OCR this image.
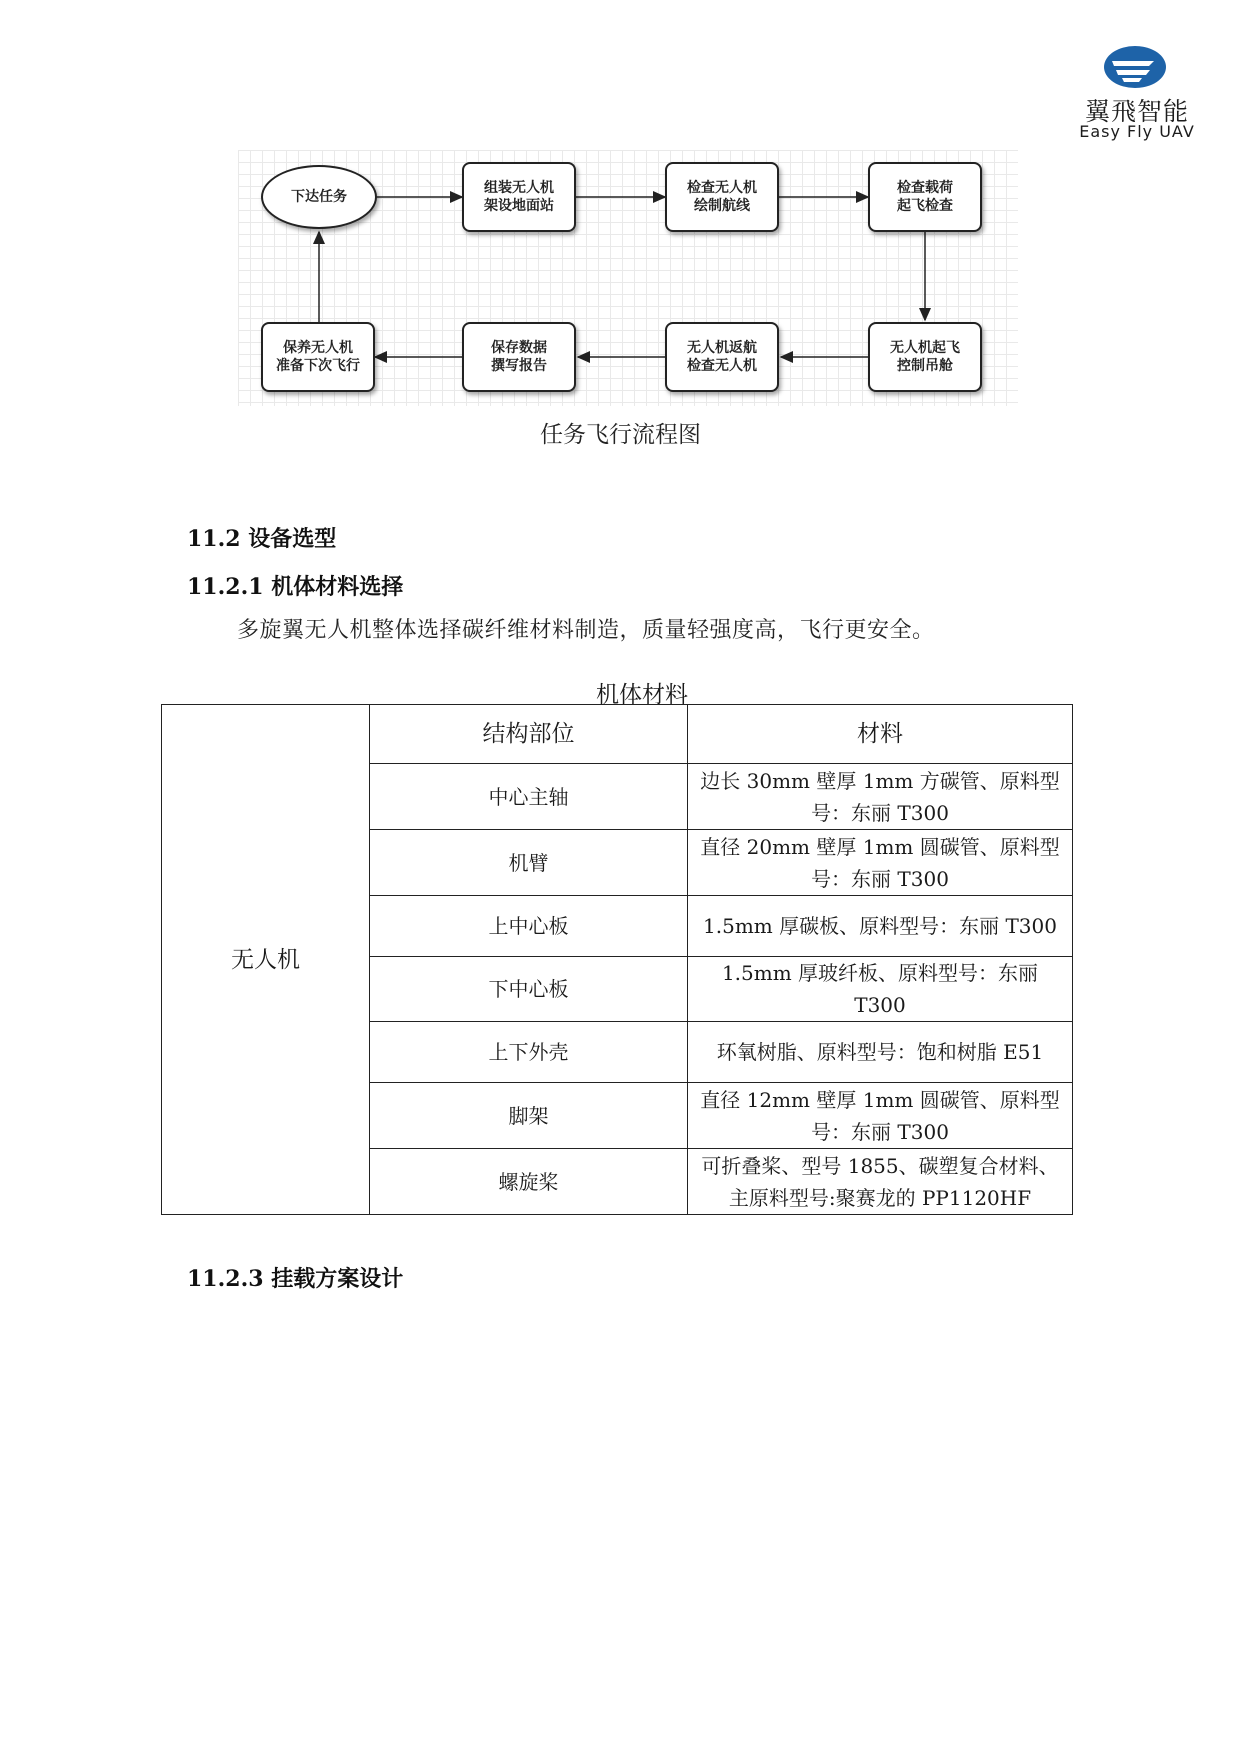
翼飛智能
Easy Fly UAV
下达任务
组装无人机
架设地面站
检查无人机
绘制航线
检查载荷
起飞检查
无人机起飞
控制吊舱
无人机返航
检查无人机
保存数据
撰写报告
保养无人机
准备下次飞行
任务飞行流程图
11.2 设备选型
11.2.1 机体材料选择
多旋翼无人机整体选择碳纤维材料制造，质量轻强度高，飞行更安全。
机体材料
无人机	结构部位	材料
	中心主轴	边长 30mm 壁厚 1mm 方碳管、原料型
号：东丽 T300

	机臂	直径 20mm 壁厚 1mm 圆碳管、原料型
号：东丽 T300

	上中心板	1.5mm 厚碳板、原料型号：东丽 T300
	下中心板	1.5mm 厚玻纤板、原料型号：东丽 T300
	上下外壳	环氧树脂、原料型号：饱和树脂 E51
	脚架	直径 12mm 壁厚 1mm 圆碳管、原料型
号：东丽 T300

	螺旋桨	可折叠桨、型号 1855、碳塑复合材料、
主原料型号:聚赛龙的 PP1120HF
11.2.3 挂载方案设计
